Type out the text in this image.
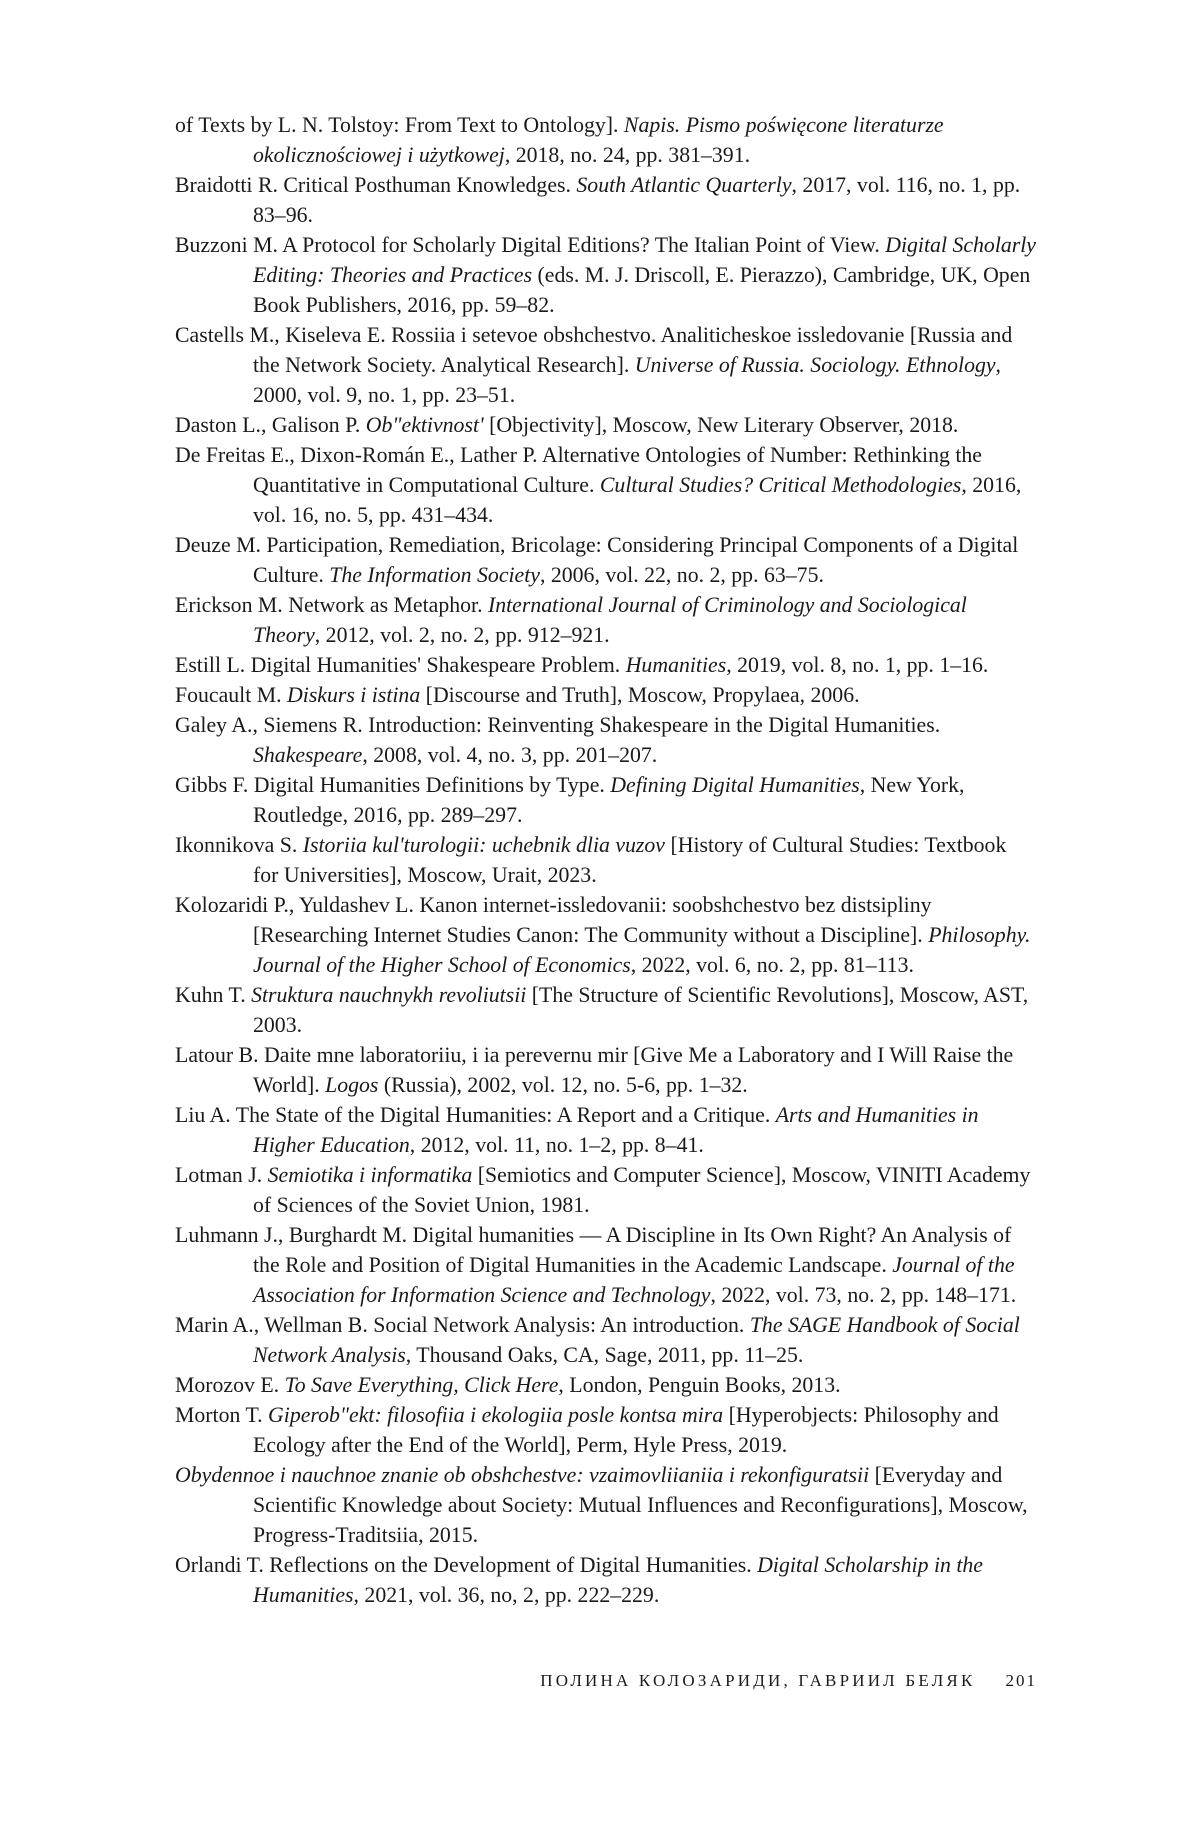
of Texts by L. N. Tolstoy: From Text to Ontology]. Napis. Pismo poświęcone literaturze okolicznościowej i użytkowej, 2018, no. 24, pp. 381–391.

Braidotti R. Critical Posthuman Knowledges. South Atlantic Quarterly, 2017, vol. 116, no. 1, pp. 83–96.

Buzzoni M. A Protocol for Scholarly Digital Editions? The Italian Point of View. Digital Scholarly Editing: Theories and Practices (eds. M. J. Driscoll, E. Pierazzo), Cambridge, UK, Open Book Publishers, 2016, pp. 59–82.

Castells M., Kiseleva E. Rossiia i setevoe obshchestvo. Analiticheskoe issledovanie [Russia and the Network Society. Analytical Research]. Universe of Russia. Sociology. Ethnology, 2000, vol. 9, no. 1, pp. 23–51.

Daston L., Galison P. Ob"ektivnost' [Objectivity], Moscow, New Literary Observer, 2018.

De Freitas E., Dixon-Román E., Lather P. Alternative Ontologies of Number: Rethinking the Quantitative in Computational Culture. Cultural Studies? Critical Methodologies, 2016, vol. 16, no. 5, pp. 431–434.

Deuze M. Participation, Remediation, Bricolage: Considering Principal Components of a Digital Culture. The Information Society, 2006, vol. 22, no. 2, pp. 63–75.

Erickson M. Network as Metaphor. International Journal of Criminology and Sociological Theory, 2012, vol. 2, no. 2, pp. 912–921.

Estill L. Digital Humanities' Shakespeare Problem. Humanities, 2019, vol. 8, no. 1, pp. 1–16.

Foucault M. Diskurs i istina [Discourse and Truth], Moscow, Propylaea, 2006.

Galey A., Siemens R. Introduction: Reinventing Shakespeare in the Digital Humanities. Shakespeare, 2008, vol. 4, no. 3, pp. 201–207.

Gibbs F. Digital Humanities Definitions by Type. Defining Digital Humanities, New York, Routledge, 2016, pp. 289–297.

Ikonnikova S. Istoriia kul'turologii: uchebnik dlia vuzov [History of Cultural Studies: Textbook for Universities], Moscow, Urait, 2023.

Kolozaridi P., Yuldashev L. Kanon internet-issledovanii: soobshchestvo bez distsipliny [Researching Internet Studies Canon: The Community without a Discipline]. Philosophy. Journal of the Higher School of Economics, 2022, vol. 6, no. 2, pp. 81–113.

Kuhn T. Struktura nauchnykh revoliutsii [The Structure of Scientific Revolutions], Moscow, AST, 2003.

Latour B. Daite mne laboratoriiu, i ia perevernu mir [Give Me a Laboratory and I Will Raise the World]. Logos (Russia), 2002, vol. 12, no. 5-6, pp. 1–32.

Liu A. The State of the Digital Humanities: A Report and a Critique. Arts and Humanities in Higher Education, 2012, vol. 11, no. 1–2, pp. 8–41.

Lotman J. Semiotika i informatika [Semiotics and Computer Science], Moscow, VINITI Academy of Sciences of the Soviet Union, 1981.

Luhmann J., Burghardt M. Digital humanities — A Discipline in Its Own Right? An Analysis of the Role and Position of Digital Humanities in the Academic Landscape. Journal of the Association for Information Science and Technology, 2022, vol. 73, no. 2, pp. 148–171.

Marin A., Wellman B. Social Network Analysis: An introduction. The SAGE Handbook of Social Network Analysis, Thousand Oaks, CA, Sage, 2011, pp. 11–25.

Morozov E. To Save Everything, Click Here, London, Penguin Books, 2013.

Morton T. Giperob"ekt: filosofiia i ekologiia posle kontsa mira [Hyperobjects: Philosophy and Ecology after the End of the World], Perm, Hyle Press, 2019.

Obydennoe i nauchnoe znanie ob obshchestve: vzaimovliianiia i rekonfiguratsii [Everyday and Scientific Knowledge about Society: Mutual Influences and Reconfigurations], Moscow, Progress-Traditsiia, 2015.

Orlandi T. Reflections on the Development of Digital Humanities. Digital Scholarship in the Humanities, 2021, vol. 36, no, 2, pp. 222–229.

ПОЛИНА КОЛОЗАРИДИ, ГАВРИИЛ БЕЛЯК 201
